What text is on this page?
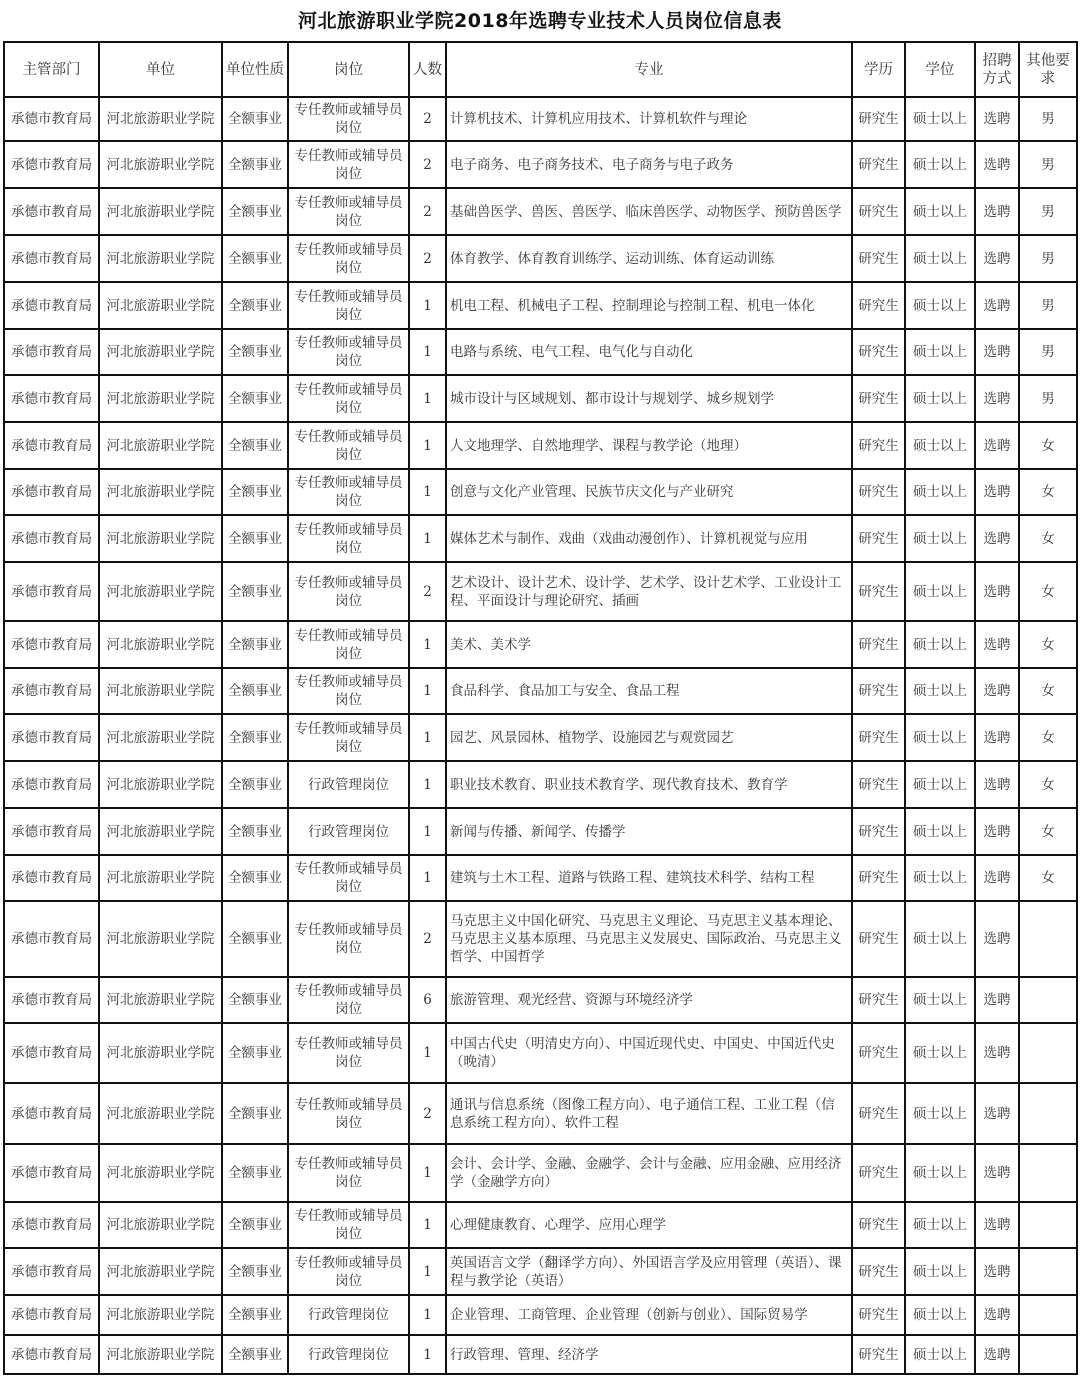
河北旅游职业学院2018年选聘专业技术人员岗位信息表
主管部门	单位	单位性质	岗位	人数	专业	学历	学位	招聘方式	其他要求
承德市教育局	河北旅游职业学院	全额事业	专任教师或辅导员岗位	2	计算机技术、计算机应用技术、计算机软件与理论	研究生	硕士以上	选聘	男
承德市教育局	河北旅游职业学院	全额事业	专任教师或辅导员岗位	2	电子商务、电子商务技术、电子商务与电子政务	研究生	硕士以上	选聘	男
承德市教育局	河北旅游职业学院	全额事业	专任教师或辅导员岗位	2	基础兽医学、兽医、兽医学、临床兽医学、动物医学、预防兽医学	研究生	硕士以上	选聘	男
承德市教育局	河北旅游职业学院	全额事业	专任教师或辅导员岗位	2	体育教学、体育教育训练学、运动训练、体育运动训练	研究生	硕士以上	选聘	男
承德市教育局	河北旅游职业学院	全额事业	专任教师或辅导员岗位	1	机电工程、机械电子工程、控制理论与控制工程、机电一体化	研究生	硕士以上	选聘	男
承德市教育局	河北旅游职业学院	全额事业	专任教师或辅导员岗位	1	电路与系统、电气工程、电气化与自动化	研究生	硕士以上	选聘	男
承德市教育局	河北旅游职业学院	全额事业	专任教师或辅导员岗位	1	城市设计与区域规划、都市设计与规划学、城乡规划学	研究生	硕士以上	选聘	男
承德市教育局	河北旅游职业学院	全额事业	专任教师或辅导员岗位	1	人文地理学、自然地理学、课程与教学论（地理）	研究生	硕士以上	选聘	女
承德市教育局	河北旅游职业学院	全额事业	专任教师或辅导员岗位	1	创意与文化产业管理、民族节庆文化与产业研究	研究生	硕士以上	选聘	女
承德市教育局	河北旅游职业学院	全额事业	专任教师或辅导员岗位	1	媒体艺术与制作、戏曲（戏曲动漫创作）、计算机视觉与应用	研究生	硕士以上	选聘	女
承德市教育局	河北旅游职业学院	全额事业	专任教师或辅导员岗位	2	艺术设计、设计艺术、设计学、艺术学、设计艺术学、工业设计工程、平面设计与理论研究、插画	研究生	硕士以上	选聘	女
承德市教育局	河北旅游职业学院	全额事业	专任教师或辅导员岗位	1	美术、美术学	研究生	硕士以上	选聘	女
承德市教育局	河北旅游职业学院	全额事业	专任教师或辅导员岗位	1	食品科学、食品加工与安全、食品工程	研究生	硕士以上	选聘	女
承德市教育局	河北旅游职业学院	全额事业	专任教师或辅导员岗位	1	园艺、风景园林、植物学、设施园艺与观赏园艺	研究生	硕士以上	选聘	女
承德市教育局	河北旅游职业学院	全额事业	行政管理岗位	1	职业技术教育、职业技术教育学、现代教育技术、教育学	研究生	硕士以上	选聘	女
承德市教育局	河北旅游职业学院	全额事业	行政管理岗位	1	新闻与传播、新闻学、传播学	研究生	硕士以上	选聘	女
承德市教育局	河北旅游职业学院	全额事业	专任教师或辅导员岗位	1	建筑与土木工程、道路与铁路工程、建筑技术科学、结构工程	研究生	硕士以上	选聘	女
承德市教育局	河北旅游职业学院	全额事业	专任教师或辅导员岗位	2	马克思主义中国化研究、马克思主义理论、马克思主义基本理论、马克思主义基本原理、马克思主义发展史、国际政治、马克思主义哲学、中国哲学	研究生	硕士以上	选聘	
承德市教育局	河北旅游职业学院	全额事业	专任教师或辅导员岗位	6	旅游管理、观光经营、资源与环境经济学	研究生	硕士以上	选聘	
承德市教育局	河北旅游职业学院	全额事业	专任教师或辅导员岗位	1	中国古代史（明清史方向）、中国近现代史、中国史、中国近代史（晚清）	研究生	硕士以上	选聘	
承德市教育局	河北旅游职业学院	全额事业	专任教师或辅导员岗位	2	通讯与信息系统（图像工程方向）、电子通信工程、工业工程（信息系统工程方向）、软件工程	研究生	硕士以上	选聘	
承德市教育局	河北旅游职业学院	全额事业	专任教师或辅导员岗位	1	会计、会计学、金融、金融学、会计与金融、应用金融、应用经济学（金融学方向）	研究生	硕士以上	选聘	
承德市教育局	河北旅游职业学院	全额事业	专任教师或辅导员岗位	1	心理健康教育、心理学、应用心理学	研究生	硕士以上	选聘	
承德市教育局	河北旅游职业学院	全额事业	专任教师或辅导员岗位	1	英国语言文学（翻译学方向）、外国语言学及应用管理（英语）、课程与教学论（英语）	研究生	硕士以上	选聘	
承德市教育局	河北旅游职业学院	全额事业	行政管理岗位	1	企业管理、工商管理、企业管理（创新与创业）、国际贸易学	研究生	硕士以上	选聘	
承德市教育局	河北旅游职业学院	全额事业	行政管理岗位	1	行政管理、管理、经济学	研究生	硕士以上	选聘	
